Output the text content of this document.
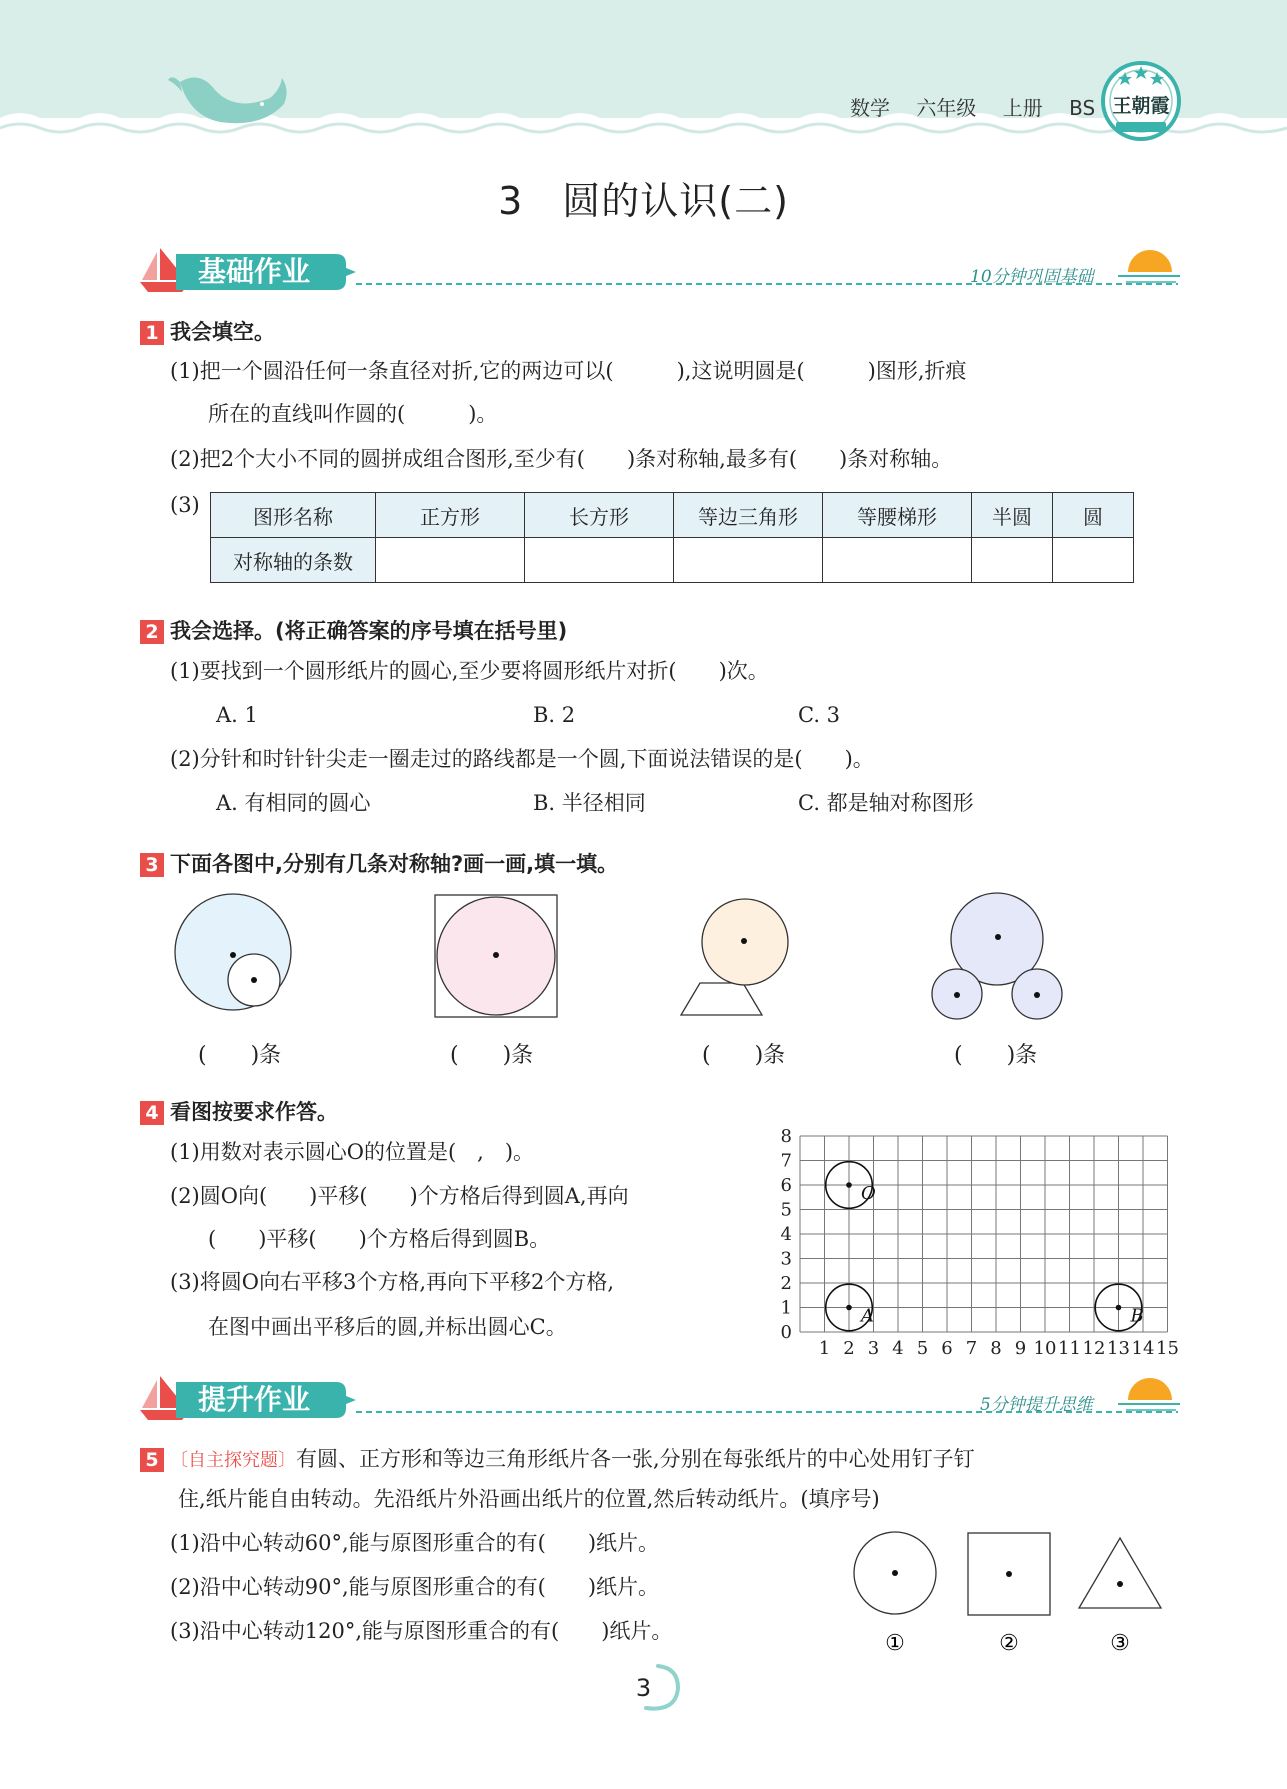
数学 六年级 上册 BS 王朝霞
3　圆的认识(二)
基础作业	10分钟巩固基础
1 我会填空。
(1)把一个圆沿任何一条直径对折,它的两边可以(　　　),这说明圆是(　　　)图形,折痕
所在的直线叫作圆的(　　　)。
(2)把2个大小不同的圆拼成组合图形,至少有(　　)条对称轴,最多有(　　)条对称轴。
(3)	图形名称	正方形	长方形	等边三角形	等腰梯形	半圆	圆
对称轴的条数						
2 我会选择。(将正确答案的序号填在括号里)
(1)要找到一个圆形纸片的圆心,至少要将圆形纸片对折(　　)次。
A. 1	B. 2	C. 3
(2)分针和时针针尖走一圈走过的路线都是一个圆,下面说法错误的是(　　)。
A. 有相同的圆心	B. 半径相同	C. 都是轴对称图形
3 下面各图中,分别有几条对称轴?画一画,填一填。
(　　)条	(　　)条	(　　)条	(　　)条
4 看图按要求作答。
(1)用数对表示圆心O的位置是(　,　)。
(2)圆O向(　　)平移(　　)个方格后得到圆A,再向
(　　)平移(　　)个方格后得到圆B。
(3)将圆O向右平移3个方格,再向下平移2个方格,
在图中画出平移后的圆,并标出圆心C。
1 2 3 4 5 6 7 8 9 10 11 12 13 14 15
0
1
2
3
4
5
6
7
8
O
A	B
提升作业	5分钟提升思维
5 〔自主探究题〕有圆、正方形和等边三角形纸片各一张,分别在每张纸片的中心处用钉子钉
住,纸片能自由转动。先沿纸片外沿画出纸片的位置,然后转动纸片。(填序号)
(1)沿中心转动60°,能与原图形重合的有(　　)纸片。
(2)沿中心转动90°,能与原图形重合的有(　　)纸片。
(3)沿中心转动120°,能与原图形重合的有(　　)纸片。	①	②	③
3
